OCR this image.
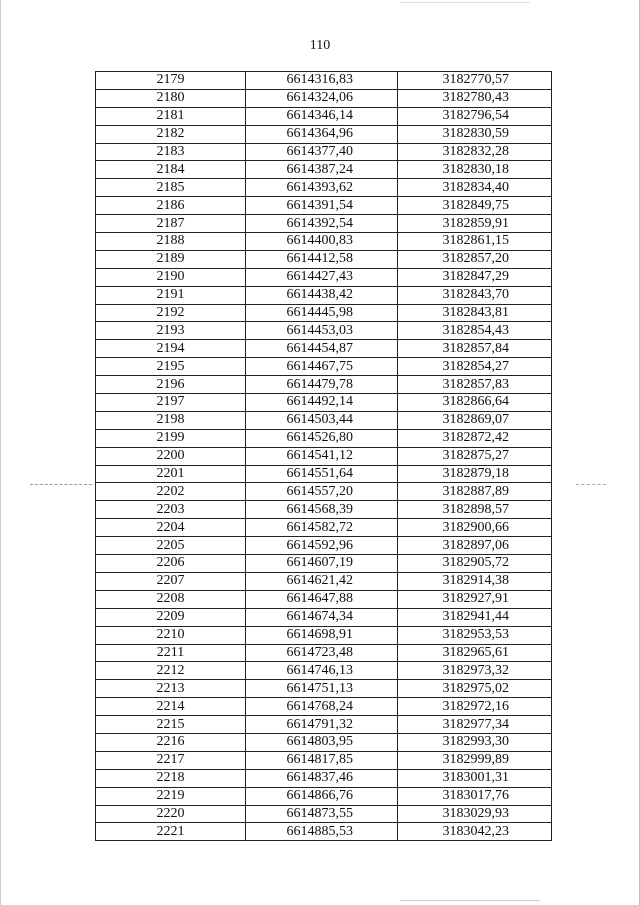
110
2179	6614316,83	3182770,57
2180	6614324,06	3182780,43
2181	6614346,14	3182796,54
2182	6614364,96	3182830,59
2183	6614377,40	3182832,28
2184	6614387,24	3182830,18
2185	6614393,62	3182834,40
2186	6614391,54	3182849,75
2187	6614392,54	3182859,91
2188	6614400,83	3182861,15
2189	6614412,58	3182857,20
2190	6614427,43	3182847,29
2191	6614438,42	3182843,70
2192	6614445,98	3182843,81
2193	6614453,03	3182854,43
2194	6614454,87	3182857,84
2195	6614467,75	3182854,27
2196	6614479,78	3182857,83
2197	6614492,14	3182866,64
2198	6614503,44	3182869,07
2199	6614526,80	3182872,42
2200	6614541,12	3182875,27
2201	6614551,64	3182879,18
2202	6614557,20	3182887,89
2203	6614568,39	3182898,57
2204	6614582,72	3182900,66
2205	6614592,96	3182897,06
2206	6614607,19	3182905,72
2207	6614621,42	3182914,38
2208	6614647,88	3182927,91
2209	6614674,34	3182941,44
2210	6614698,91	3182953,53
2211	6614723,48	3182965,61
2212	6614746,13	3182973,32
2213	6614751,13	3182975,02
2214	6614768,24	3182972,16
2215	6614791,32	3182977,34
2216	6614803,95	3182993,30
2217	6614817,85	3182999,89
2218	6614837,46	3183001,31
2219	6614866,76	3183017,76
2220	6614873,55	3183029,93
2221	6614885,53	3183042,23
